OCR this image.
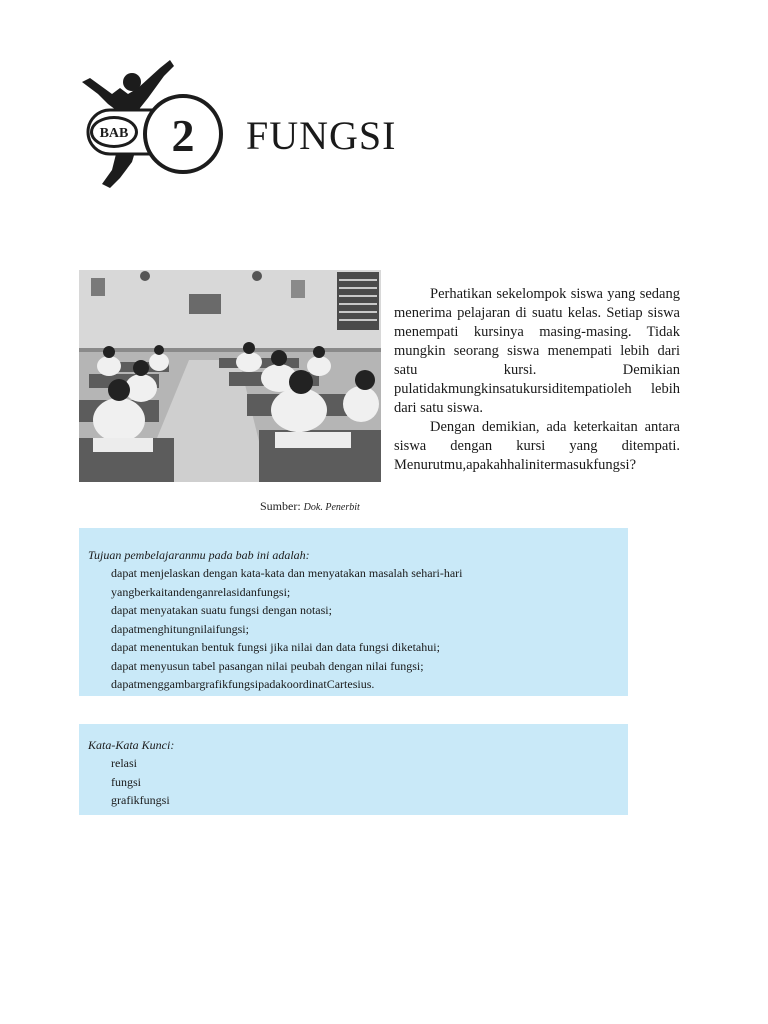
BAB 2 FUNGSI
Sumber: Dok. Penerbit

Perhatikan sekelompok siswa yang sedang menerima pelajaran di suatu kelas. Setiap siswa menempati kursinya masing-masing. Tidak mungkin seorang siswa menempati lebih dari satu kursi. Demikian pulatidakmungkinsatukursiditempatioleh lebih dari satu siswa.

Dengan demikian, ada keterkaitan antara siswa dengan kursi yang ditempati. Menurutmu,apakahhalinitermasukfungsi?

Tujuan pembelajaranmu pada bab ini adalah:
dapat menjelaskan dengan kata-kata dan menyatakan masalah sehari-hari
yangberkaitandenganrelasidanfungsi;
dapat menyatakan suatu fungsi dengan notasi;
dapatmenghitungnilaifungsi;
dapat menentukan bentuk fungsi jika nilai dan data fungsi diketahui;
dapat menyusun tabel pasangan nilai peubah dengan nilai fungsi;
dapatmenggambargrafikfungsipadakoordinatCartesius.
Kata-Kata Kunci:
relasi
fungsi
grafikfungsi
